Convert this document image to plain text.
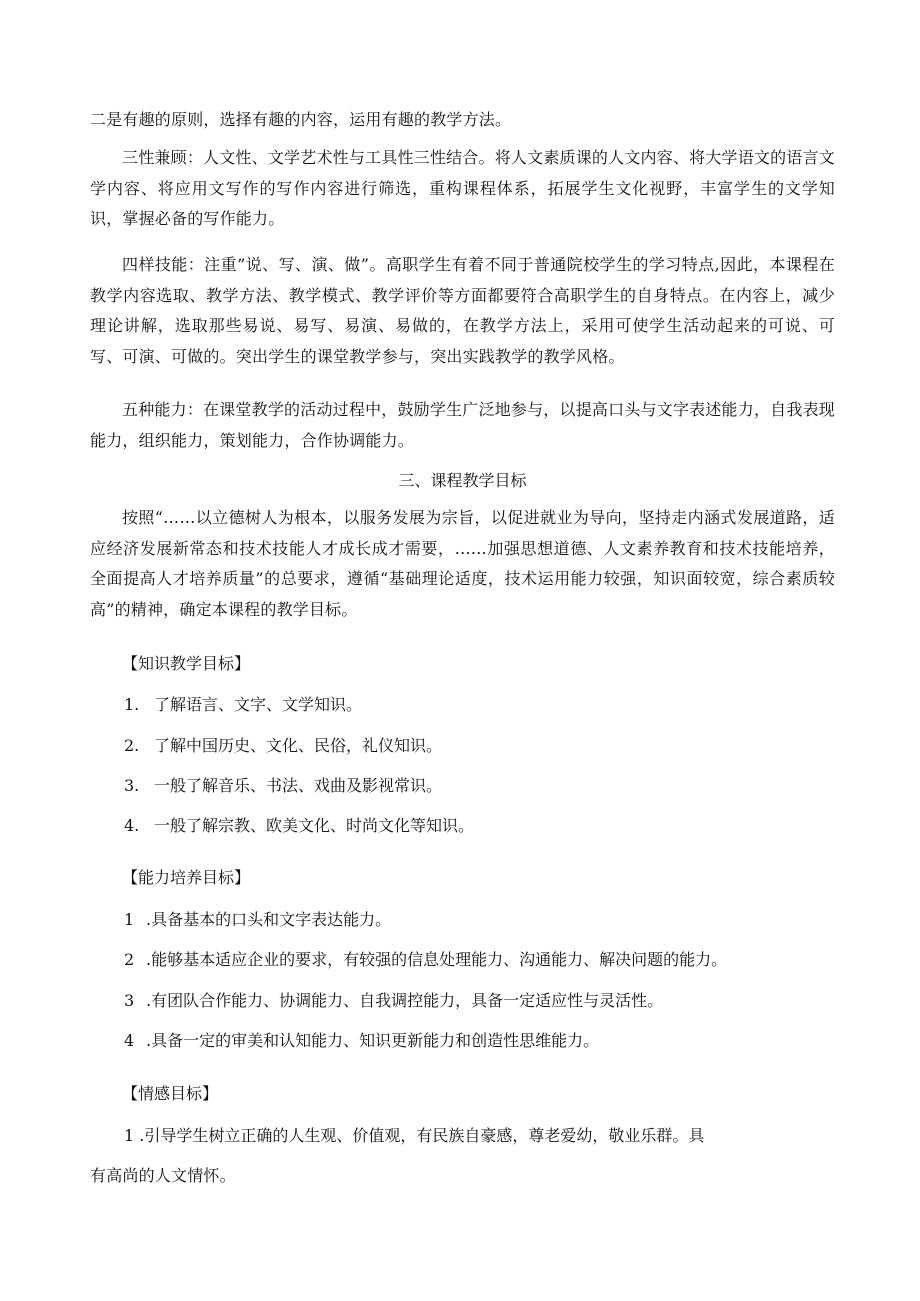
二是有趣的原则，选择有趣的内容，运用有趣的教学方法。

三性兼顾：人文性、文学艺术性与工具性三性结合。将人文素质课的人文内容、将大学语文的语言文学内容、将应用文写作的写作内容进行筛选，重构课程体系，拓展学生文化视野，丰富学生的文学知识，掌握必备的写作能力。

四样技能：注重”说、写、演、做”。高职学生有着不同于普通院校学生的学习特点,因此，本课程在教学内容选取、教学方法、教学模式、教学评价等方面都要符合高职学生的自身特点。在内容上，减少理论讲解，选取那些易说、易写、易演、易做的，在教学方法上，采用可使学生活动起来的可说、可写、可演、可做的。突出学生的课堂教学参与，突出实践教学的教学风格。

五种能力：在课堂教学的活动过程中，鼓励学生广泛地参与，以提高口头与文字表述能力，自我表现能力，组织能力，策划能力，合作协调能力。

三、课程教学目标

按照“……以立德树人为根本，以服务发展为宗旨，以促进就业为导向，坚持走内涵式发展道路，适应经济发展新常态和技术技能人才成长成才需要，……加强思想道德、人文素养教育和技术技能培养，全面提高人才培养质量”的总要求，遵循“基础理论适度，技术运用能力较强，知识面较宽，综合素质较高”的精神，确定本课程的教学目标。

【知识教学目标】

1. 了解语言、文字、文学知识。

2. 了解中国历史、文化、民俗，礼仪知识。

3. 一般了解音乐、书法、戏曲及影视常识。

4. 一般了解宗教、欧美文化、时尚文化等知识。

【能力培养目标】

1 .具备基本的口头和文字表达能力。

2 .能够基本适应企业的要求，有较强的信息处理能力、沟通能力、解决问题的能力。

3 .有团队合作能力、协调能力、自我调控能力，具备一定适应性与灵活性。

4 .具备一定的审美和认知能力、知识更新能力和创造性思维能力。

【情感目标】

1 .引导学生树立正确的人生观、价值观，有民族自豪感，尊老爱幼，敬业乐群。具

有高尚的人文情怀。
